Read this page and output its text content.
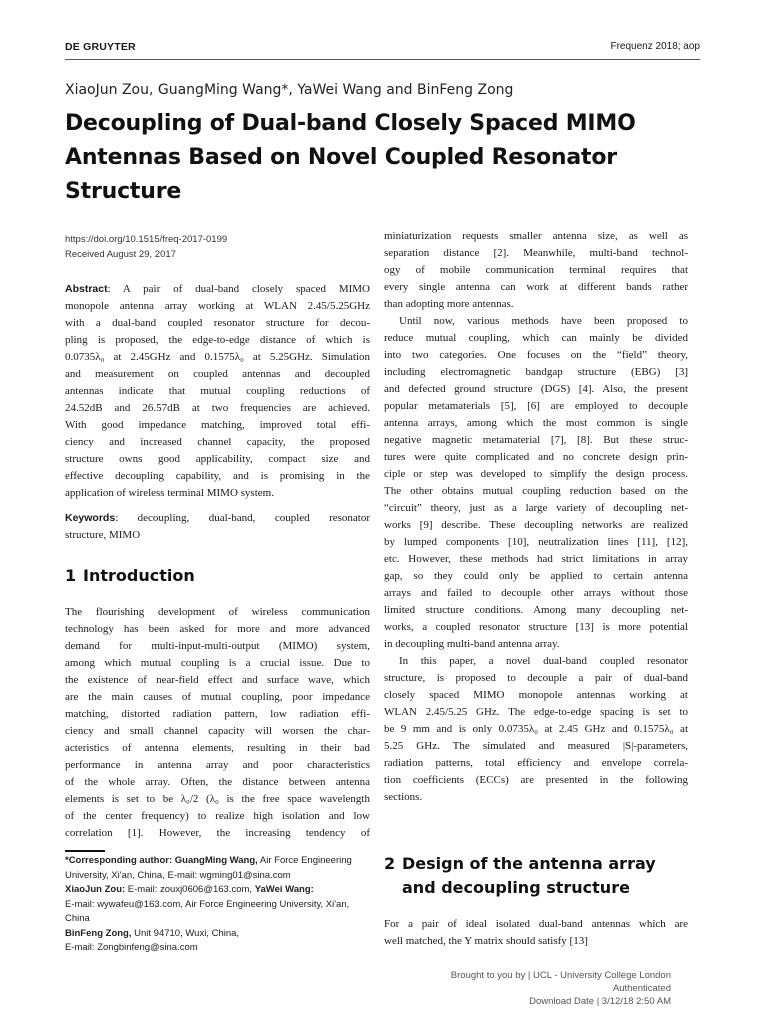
DE GRUYTER	Frequenz 2018; aop
XiaoJun Zou, GuangMing Wang*, YaWei Wang and BinFeng Zong
Decoupling of Dual-band Closely Spaced MIMO
Antennas Based on Novel Coupled Resonator
Structure
https://doi.org/10.1515/freq-2017-0199
Received August 29, 2017

Abstract: A pair of dual-band closely spaced MIMO
monopole antenna array working at WLAN 2.45/5.25GHz
with a dual-band coupled resonator structure for decou-
pling is proposed, the edge-to-edge distance of which is
0.0735λ₀ at 2.45GHz and 0.1575λ₀ at 5.25GHz. Simulation
and measurement on coupled antennas and decoupled
antennas indicate that mutual coupling reductions of
24.52dB and 26.57dB at two frequencies are achieved.
With good impedance matching, improved total effi-
ciency and increased channel capacity, the proposed
structure owns good applicability, compact size and
effective decoupling capability, and is promising in the
application of wireless terminal MIMO system.

Keywords: decoupling, dual-band, coupled resonator
structure, MIMO

1 Introduction

The flourishing development of wireless communication
technology has been asked for more and more advanced
demand for multi-input-multi-output (MIMO) system,
among which mutual coupling is a crucial issue. Due to
the existence of near-field effect and surface wave, which
are the main causes of mutual coupling, poor impedance
matching, distorted radiation pattern, low radiation effi-
ciency and small channel capacity will worsen the char-
acteristics of antenna elements, resulting in their bad
performance in antenna array and poor characteristics
of the whole array. Often, the distance between antenna
elements is set to be λ₀/2 (λ₀ is the free space wavelength
of the center frequency) to realize high isolation and low
correlation [1]. However, the increasing tendency of

*Corresponding author: GuangMing Wang, Air Force Engineering
University, Xi'an, China, E-mail: wgming01@sina.com
XiaoJun Zou: E-mail: zouxj0606@163.com, YaWei Wang:
E-mail: wywafeu@163.com, Air Force Engineering University, Xi'an,
China
BinFeng Zong, Unit 94710, Wuxi, China,
E-mail: Zongbinfeng@sina.com

miniaturization requests smaller antenna size, as well as
separation distance [2]. Meanwhile, multi-band technol-
ogy of mobile communication terminal requires that
every single antenna can work at different bands rather
than adopting more antennas.

Until now, various methods have been proposed to
reduce mutual coupling, which can mainly be divided
into two categories. One focuses on the “field” theory,
including electromagnetic bandgap structure (EBG) [3]
and defected ground structure (DGS) [4]. Also, the present
popular metamaterials [5], [6] are employed to decouple
antenna arrays, among which the most common is single
negative magnetic metamaterial [7], [8]. But these struc-
tures were quite complicated and no concrete design prin-
ciple or step was developed to simplify the design process.
The other obtains mutual coupling reduction based on the
“circuit” theory, just as a large variety of decoupling net-
works [9] describe. These decoupling networks are realized
by lumped components [10], neutralization lines [11], [12],
etc. However, these methods had strict limitations in array
gap, so they could only be applied to certain antenna
arrays and failed to decouple other arrays without those
limited structure conditions. Among many decoupling net-
works, a coupled resonator structure [13] is more potential
in decoupling multi-band antenna array.

In this paper, a novel dual-band coupled resonator
structure, is proposed to decouple a pair of dual-band
closely spaced MIMO monopole antennas working at
WLAN 2.45/5.25 GHz. The edge-to-edge spacing is set to
be 9 mm and is only 0.0735λ₀ at 2.45 GHz and 0.1575λ₀ at
5.25 GHz. The simulated and measured |S|-parameters,
radiation patterns, total efficiency and envelope correla-
tion coefficients (ECCs) are presented in the following
sections.

2 Design of the antenna array
and decoupling structure

For a pair of ideal isolated dual-band antennas which are
well matched, the Y matrix should satisfy [13]

Brought to you by | UCL - University College London
Authenticated
Download Date | 3/12/18 2:50 AM
